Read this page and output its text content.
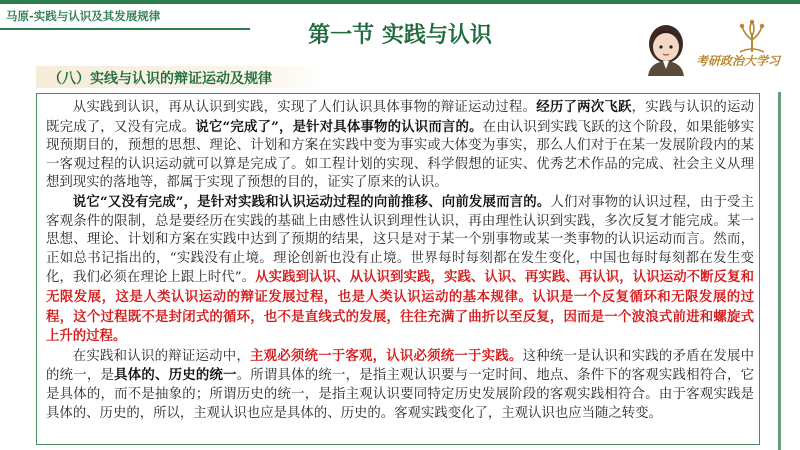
马原-实践与认识及其发展规律
第一节 实践与认识
考研政治大学习
（八）实线与认识的辩证运动及规律

从实践到认识，再从认识到实践，实现了人们认识具体事物的辩证运动过程。经历了两次飞跃，实践与认识的运动既完成了，又没有完成。说它“完成了”，是针对具体事物的认识而言的。在由认识到实践飞跃的这个阶段，如果能够实现预期目的，预想的思想、理论、计划和方案在实践中变为事实或大体变为事实，那么人们对于在某一发展阶段内的某一客观过程的认识运动就可以算是完成了。如工程计划的实现、科学假想的证实、优秀艺术作品的完成、社会主义从理想到现实的落地等，都属于实现了预想的目的，证实了原来的认识。

说它“又没有完成”，是针对实践和认识运动过程的向前推移、向前发展而言的。人们对事物的认识过程，由于受主客观条件的限制，总是要经历在实践的基础上由感性认识到理性认识，再由理性认识到实践，多次反复才能完成。某一思想、理论、计划和方案在实践中达到了预期的结果，这只是对于某一个别事物或某一类事物的认识运动而言。然而，正如总书记指出的，“实践没有止境。理论创新也没有止境。世界每时每刻都在发生变化，中国也每时每刻都在发生变化，我们必须在理论上跟上时代”。从实践到认识、从认识到实践，实践、认识、再实践、再认识，认识运动不断反复和无限发展，这是人类认识运动的辩证发展过程，也是人类认识运动的基本规律。认识是一个反复循环和无限发展的过程，这个过程既不是封闭式的循环，也不是直线式的发展，往往充满了曲折以至反复，因而是一个波浪式前进和螺旋式上升的过程。

在实践和认识的辩证运动中，主观必须统一于客观，认识必须统一于实践。这种统一是认识和实践的矛盾在发展中的统一，是具体的、历史的统一。所谓具体的统一，是指主观认识要与一定时间、地点、条件下的客观实践相符合，它是具体的，而不是抽象的；所谓历史的统一，是指主观认识要同特定历史发展阶段的客观实践相符合。由于客观实践是具体的、历史的，所以，主观认识也应是具体的、历史的。客观实践变化了，主观认识也应当随之转变。
